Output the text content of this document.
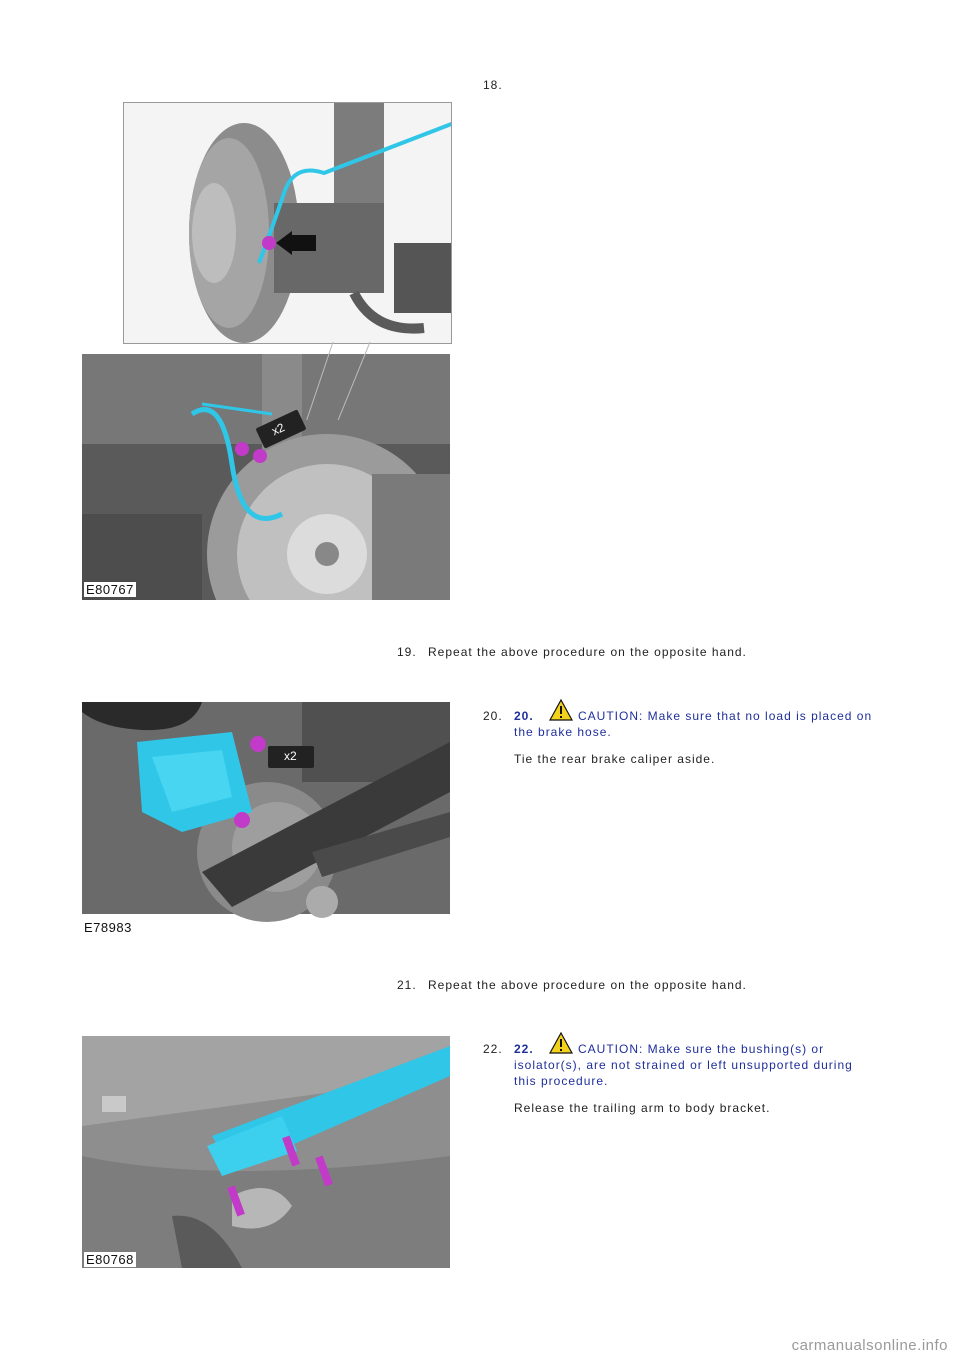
18.
x2
E80767
19. Repeat the above procedure on the opposite hand.
x2
E78983
20. 20.	CAUTION: Make sure that no load is placed on
the brake hose.
Tie the rear brake caliper aside.
21. Repeat the above procedure on the opposite hand.
E80768
22. 22.	CAUTION: Make sure the bushing(s) or
isolator(s), are not strained or left unsupported during
this procedure.
Release the trailing arm to body bracket.
carmanualsonline.info
